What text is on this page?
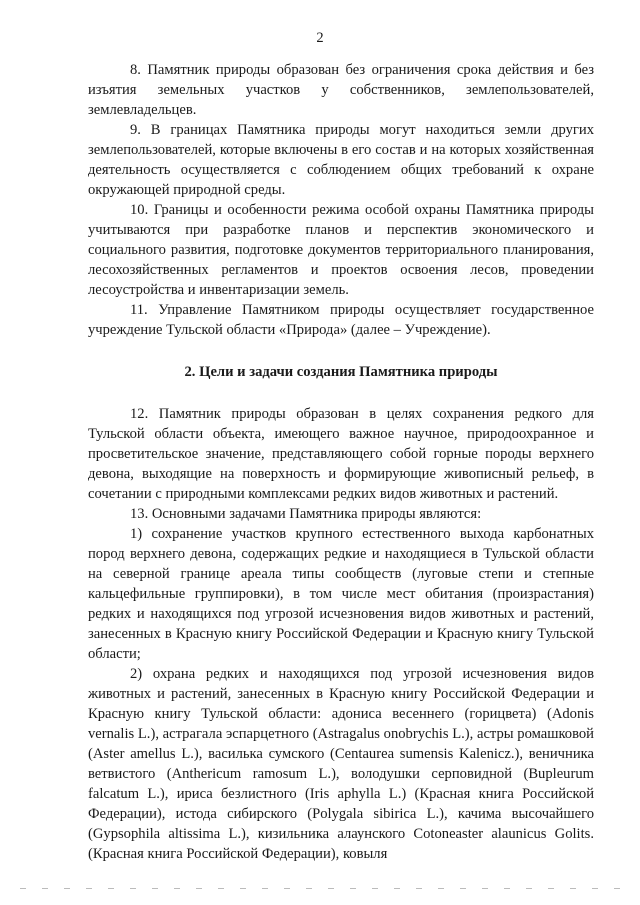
2

8. Памятник природы образован без ограничения срока действия и без изъятия земельных участков у собственников, землепользователей, землевладельцев.

9. В границах Памятника природы могут находиться земли других землепользователей, которые включены в его состав и на которых хозяйственная деятельность осуществляется с соблюдением общих требований к охране окружающей природной среды.

10. Границы и особенности режима особой охраны Памятника природы учитываются при разработке планов и перспектив экономического и социального развития, подготовке документов территориального планирования, лесохозяйственных регламентов и проектов освоения лесов, проведении лесоустройства и инвентаризации земель.

11. Управление Памятником природы осуществляет государственное учреждение Тульской области «Природа» (далее – Учреждение).

2. Цели и задачи создания Памятника природы

12. Памятник природы образован в целях сохранения редкого для Тульской области объекта, имеющего важное научное, природоохранное и просветительское значение, представляющего собой горные породы верхнего девона, выходящие на поверхность и формирующие живописный рельеф, в сочетании с природными комплексами редких видов животных и растений.

13. Основными задачами Памятника природы являются:

1) сохранение участков крупного естественного выхода карбонатных пород верхнего девона, содержащих редкие и находящиеся в Тульской области на северной границе ареала типы сообществ (луговые степи и степные кальцефильные группировки), в том числе мест обитания (произрастания) редких и находящихся под угрозой исчезновения видов животных и растений, занесенных в Красную книгу Российской Федерации и Красную книгу Тульской области;

2) охрана редких и находящихся под угрозой исчезновения видов животных и растений, занесенных в Красную книгу Российской Федерации и Красную книгу Тульской области: адониса весеннего (горицвета) (Adonis vernalis L.), астрагала эспарцетного (Astragalus onobrychis L.), астры ромашковой (Aster amellus L.), василька сумского (Centaurea sumensis Kalenicz.), веничника ветвистого (Anthericum ramosum L.), володушки серповидной (Bupleurum falcatum L.), ириса безлистного (Iris aphylla L.) (Красная книга Российской Федерации), истода сибирского (Polygala sibirica L.), качима высочайшего (Gypsophila altissima L.), кизильника алаунского Cotoneaster alaunicus Golits. (Красная книга Российской Федерации), ковыля
